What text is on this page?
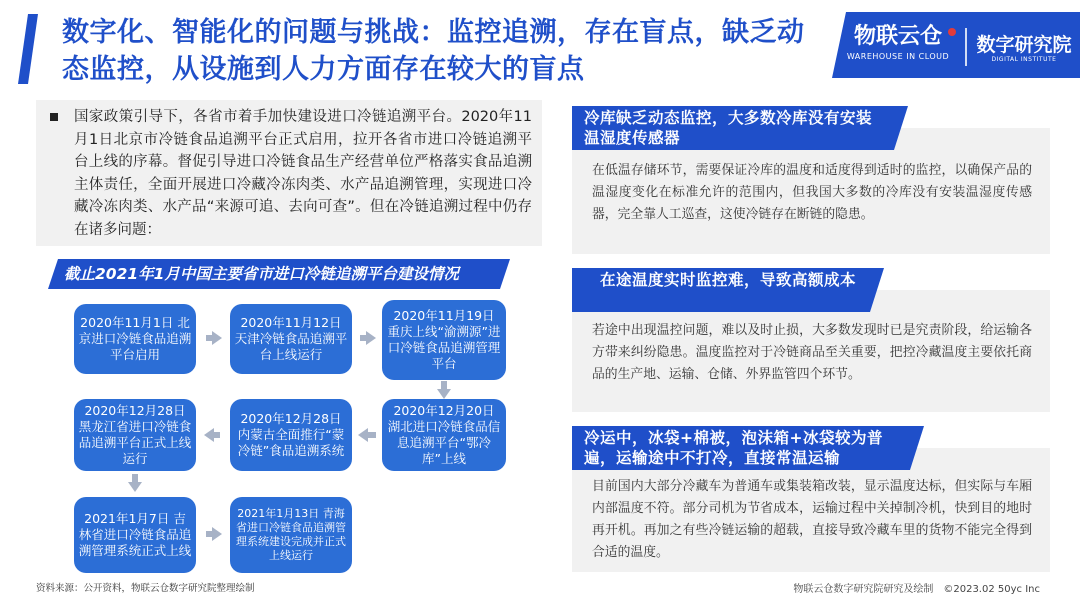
数字化、智能化的问题与挑战：监控追溯，存在盲点，缺乏动
态监控，从设施到人力方面存在较大的盲点
物联云仓
WAREHOUSE IN CLOUD
数字研究院
DIGITAL INSTITUTE
国家政策引导下，各省市着手加快建设进口冷链追溯平台。2020年11月1日北京市冷链食品追溯平台正式启用，拉开各省市进口冷链追溯平台上线的序幕。督促引导进口冷链食品生产经营单位严格落实食品追溯主体责任，全面开展进口冷藏冷冻肉类、水产品追溯管理，实现进口冷藏冷冻肉类、水产品“来源可追、去向可查”。但在冷链追溯过程中仍存在诸多问题：
截止2021年1月中国主要省市进口冷链追溯平台建设情况
2020年11月1日 北京进口冷链食品追溯平台启用
2020年11月12日 天津冷链食品追溯平台上线运行
2020年11月19日 重庆上线“渝溯源”进口冷链食品追溯管理平台
2020年12月28日 黑龙江省进口冷链食品追溯平台正式上线运行
2020年12月28日 内蒙古全面推行“蒙冷链”食品追溯系统
2020年12月20日 湖北进口冷链食品信息追溯平台“鄂冷库”上线
2021年1月7日 吉林省进口冷链食品追溯管理系统正式上线
2021年1月13日 青海省进口冷链食品追溯管理系统建设完成并正式上线运行
冷库缺乏动态监控，大多数冷库没有安装温湿度传感器
在低温存储环节，需要保证冷库的温度和适度得到适时的监控，以确保产品的温湿度变化在标准允许的范围内，但我国大多数的冷库没有安装温湿度传感器，完全靠人工巡查，这使冷链存在断链的隐患。
在途温度实时监控难，导致高额成本
若途中出现温控问题，难以及时止损，大多数发现时已是究责阶段，给运输各方带来纠纷隐患。温度监控对于冷链商品至关重要，把控冷藏温度主要依托商品的生产地、运输、仓储、外界监管四个环节。
冷运中，冰袋+棉被，泡沫箱+冰袋较为普遍，运输途中不打冷，直接常温运输
目前国内大部分冷藏车为普通车或集装箱改装，显示温度达标，但实际与车厢内部温度不符。部分司机为节省成本，运输过程中关掉制冷机，快到目的地时再开机。再加之有些冷链运输的超载，直接导致冷藏车里的货物不能完全得到合适的温度。
资料来源：公开资料，物联云仓数字研究院整理绘制	物联云仓数字研究院研究及绘制　©2023.02 50yc Inc
